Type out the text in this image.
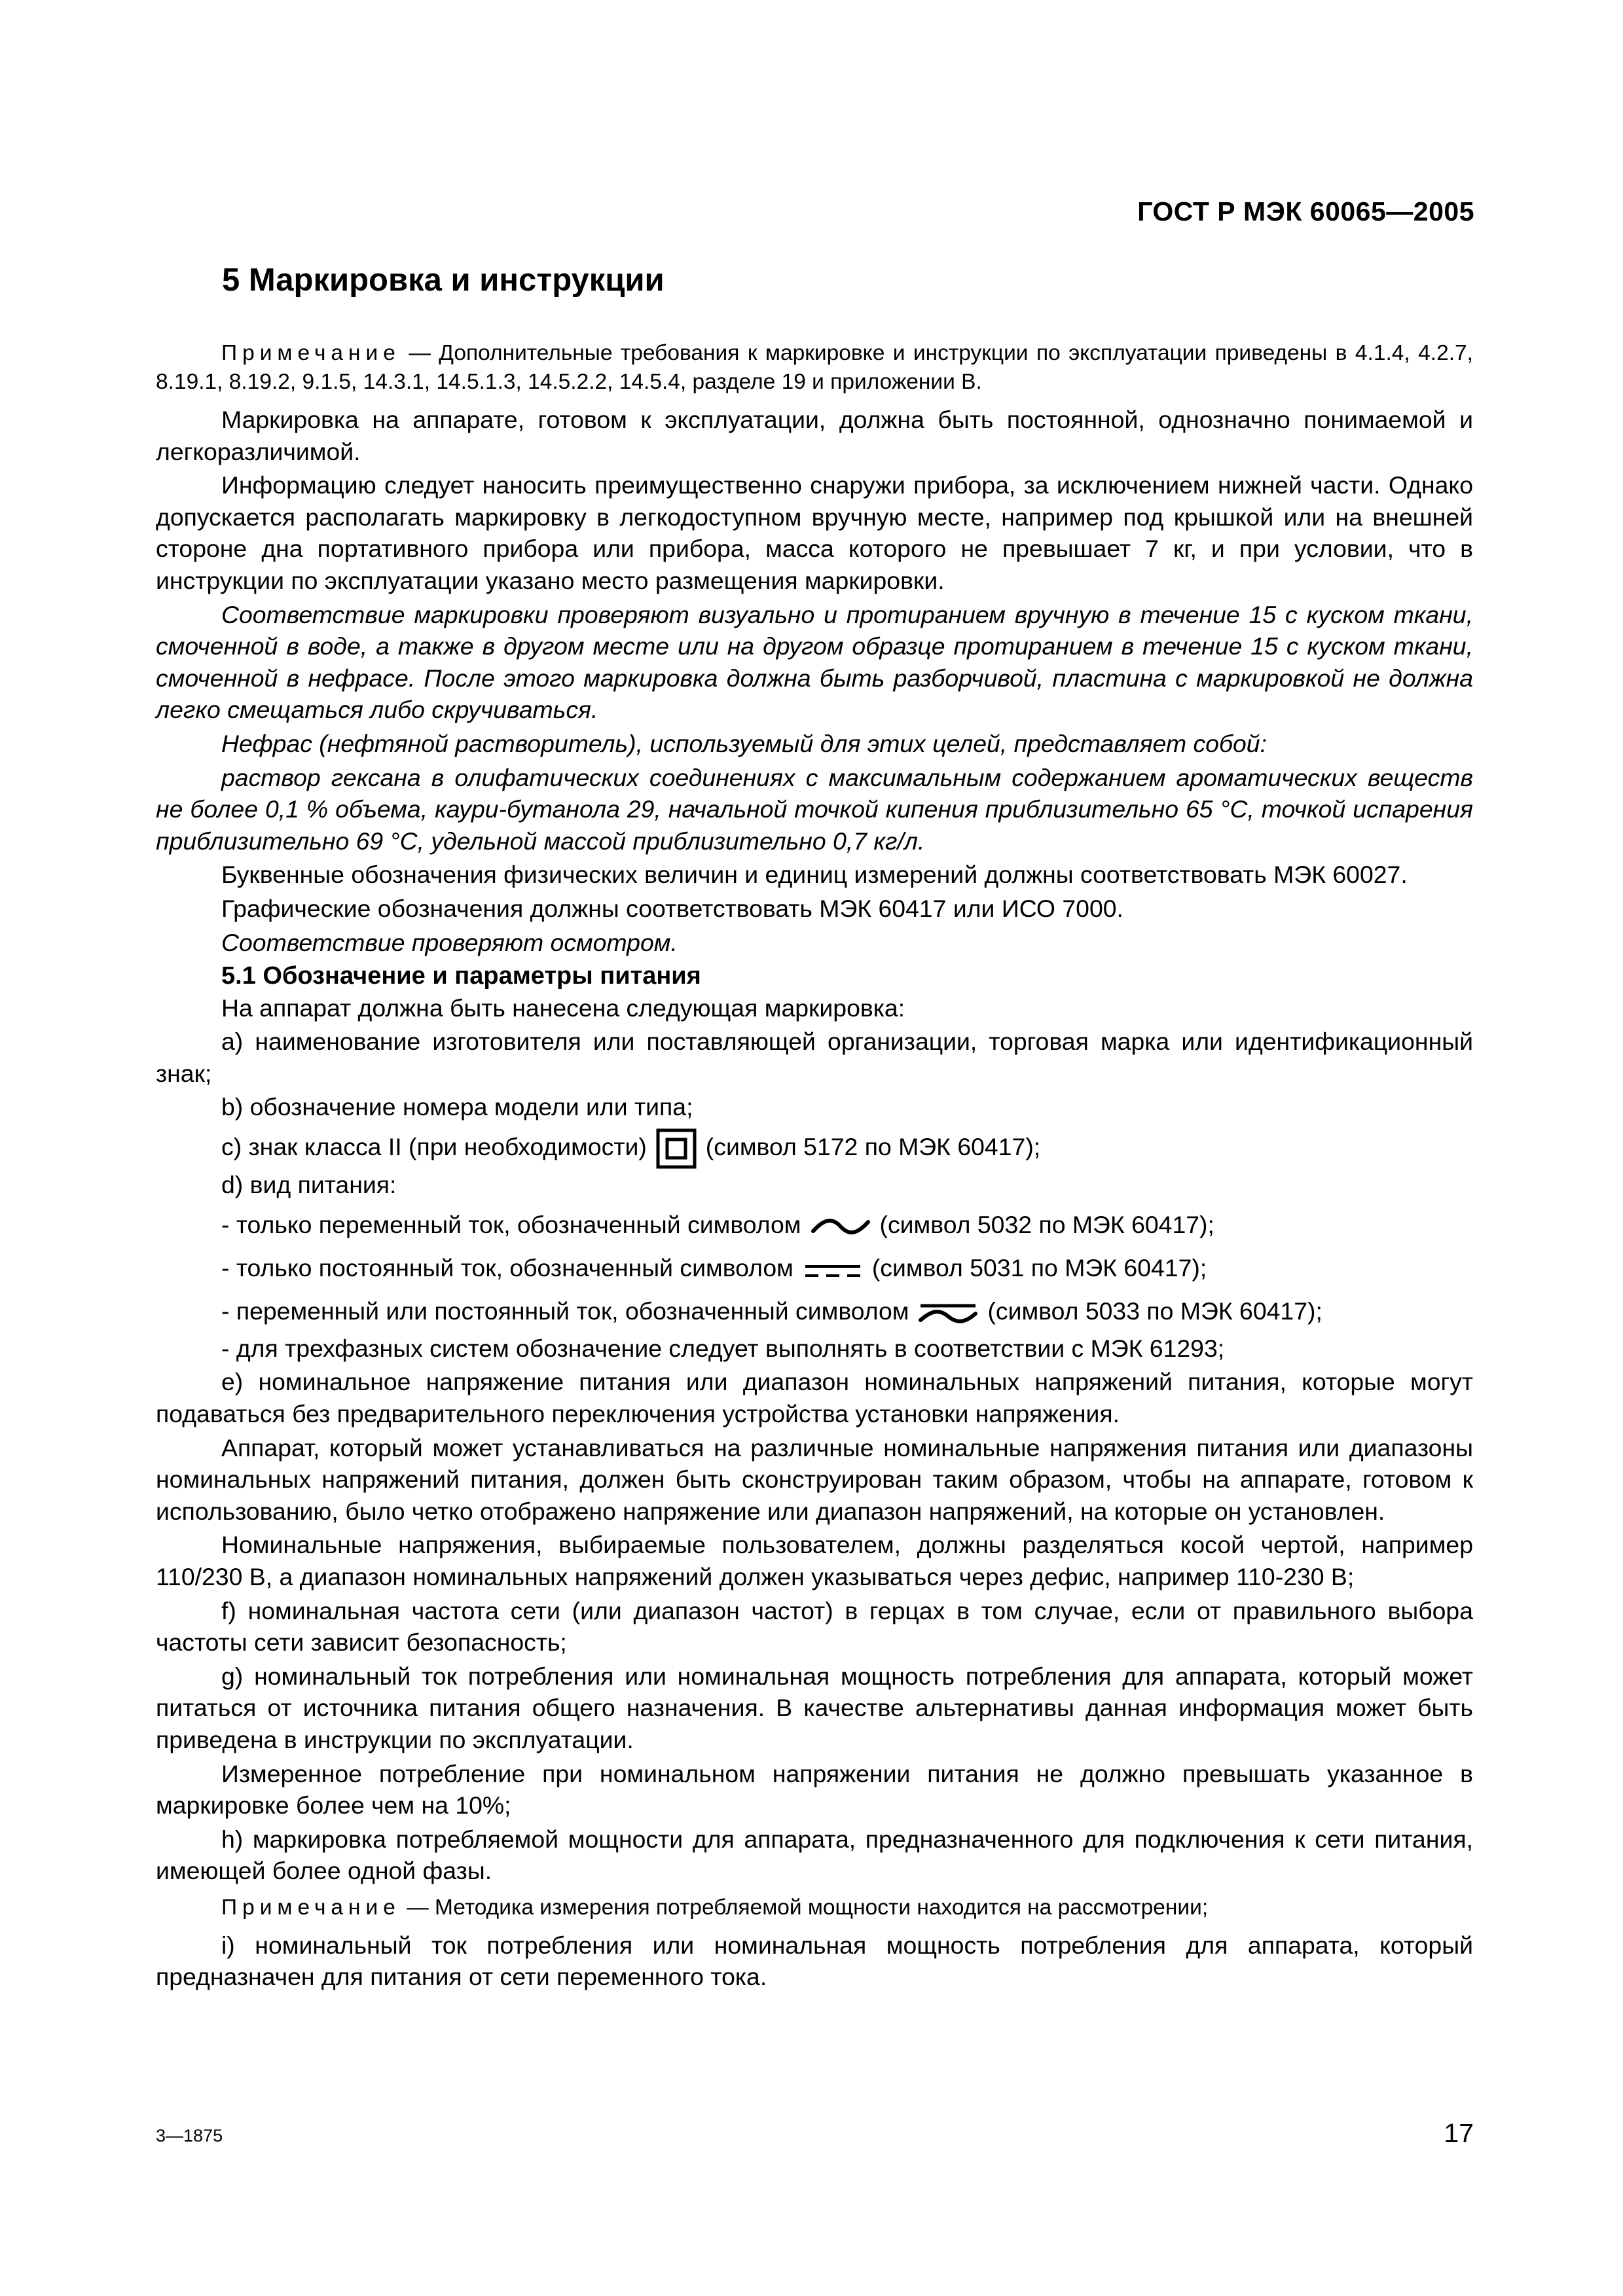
ГОСТ Р МЭК 60065—2005
5 Маркировка и инструкции

Примечание — Дополнительные требования к маркировке и инструкции по эксплуатации приведены в 4.1.4, 4.2.7, 8.19.1, 8.19.2, 9.1.5, 14.3.1, 14.5.1.3, 14.5.2.2, 14.5.4, разделе 19 и приложении В.

Маркировка на аппарате, готовом к эксплуатации, должна быть постоянной, однозначно понимаемой и легкоразличимой.

Информацию следует наносить преимущественно снаружи прибора, за исключением нижней части. Однако допускается располагать маркировку в легкодоступном вручную месте, например под крышкой или на внешней стороне дна портативного прибора или прибора, масса которого не превышает 7 кг, и при условии, что в инструкции по эксплуатации указано место размещения маркировки.

Соответствие маркировки проверяют визуально и протиранием вручную в течение 15 с куском ткани, смоченной в воде, а также в другом месте или на другом образце протиранием в течение 15 с куском ткани, смоченной в нефрасе. После этого маркировка должна быть разборчивой, пластина с маркировкой не должна легко смещаться либо скручиваться.

Нефрас (нефтяной растворитель), используемый для этих целей, представляет собой:

раствор гексана в олифатических соединениях с максимальным содержанием ароматических веществ не более 0,1 % объема, каури-бутанола 29, начальной точкой кипения приблизительно 65 °С, точкой испарения приблизительно 69 °С, удельной массой приблизительно 0,7 кг/л.

Буквенные обозначения физических величин и единиц измерений должны соответствовать МЭК 60027.

Графические обозначения должны соответствовать МЭК 60417 или ИСО 7000.

Соответствие проверяют осмотром.

5.1 Обозначение и параметры питания

На аппарат должна быть нанесена следующая маркировка:

а) наименование изготовителя или поставляющей организации, торговая марка или идентификационный знак;

b) обозначение номера модели или типа;

с) знак класса II (при необходимости) (символ 5172 по МЭК 60417);

d) вид питания:

- только переменный ток, обозначенный символом	(символ 5032 по МЭК 60417);

- только постоянный ток, обозначенный символом	(символ 5031 по МЭК 60417);

- переменный или постоянный ток, обозначенный символом	(символ 5033 по МЭК 60417);

- для трехфазных систем обозначение следует выполнять в соответствии с МЭК 61293;

е) номинальное напряжение питания или диапазон номинальных напряжений питания, которые могут подаваться без предварительного переключения устройства установки напряжения.

Аппарат, который может устанавливаться на различные номинальные напряжения питания или диапазоны номинальных напряжений питания, должен быть сконструирован таким образом, чтобы на аппарате, готовом к использованию, было четко отображено напряжение или диапазон напряжений, на которые он установлен.

Номинальные напряжения, выбираемые пользователем, должны разделяться косой чертой, например 110/230 В, а диапазон номинальных напряжений должен указываться через дефис, например 110-230 В;

f) номинальная частота сети (или диапазон частот) в герцах в том случае, если от правильного выбора частоты сети зависит безопасность;

g) номинальный ток потребления или номинальная мощность потребления для аппарата, который может питаться от источника питания общего назначения. В качестве альтернативы данная информация может быть приведена в инструкции по эксплуатации.

Измеренное потребление при номинальном напряжении питания не должно превышать указанное в маркировке более чем на 10%;

h) маркировка потребляемой мощности для аппарата, предназначенного для подключения к сети питания, имеющей более одной фазы.

Примечание — Методика измерения потребляемой мощности находится на рассмотрении;

i) номинальный ток потребления или номинальная мощность потребления для аппарата, который предназначен для питания от сети переменного тока.

3—1875	17
